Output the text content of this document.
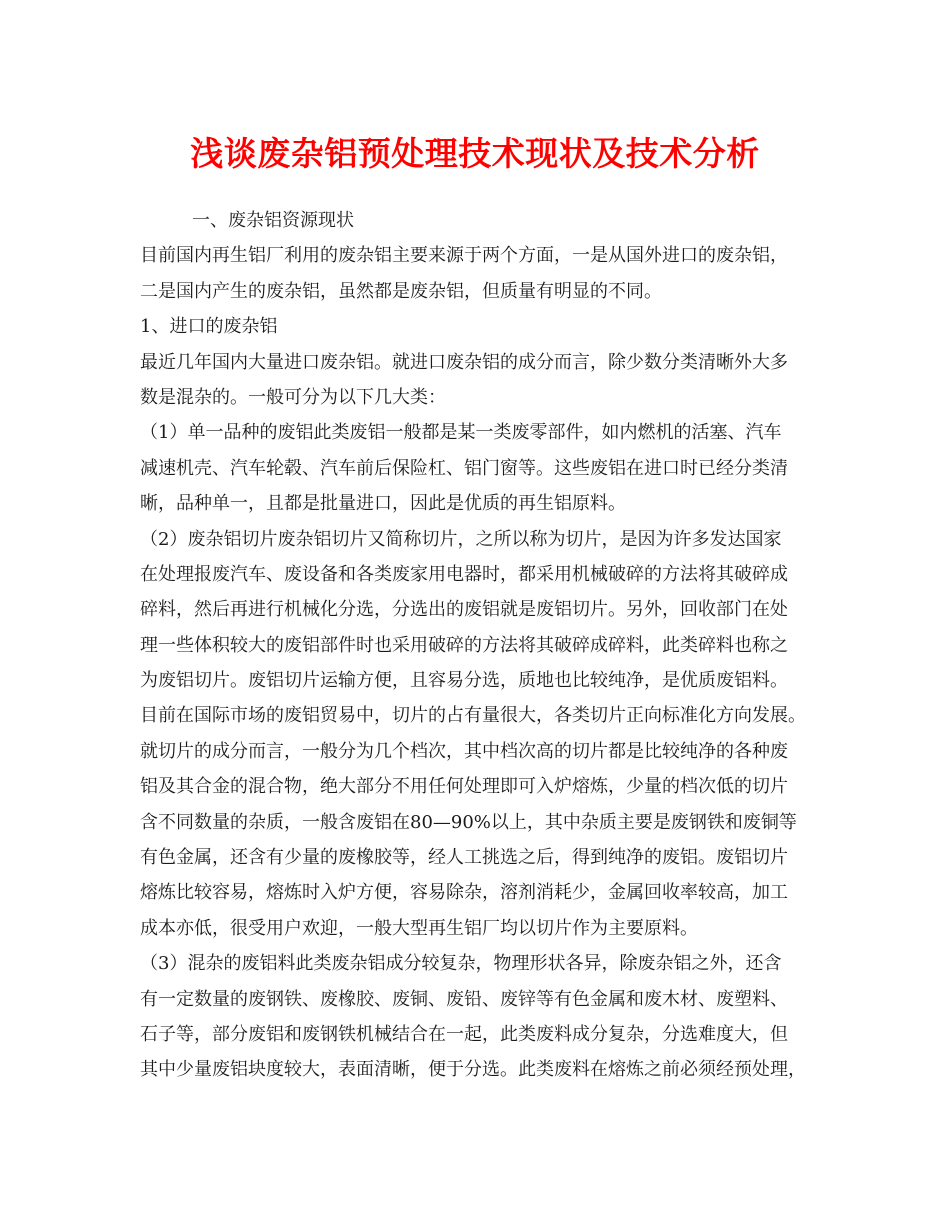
浅谈废杂铝预处理技术现状及技术分析
一、废杂铝资源现状
目前国内再生铝厂利用的废杂铝主要来源于两个方面，一是从国外进口的废杂铝，
二是国内产生的废杂铝，虽然都是废杂铝，但质量有明显的不同。
1、进口的废杂铝
最近几年国内大量进口废杂铝。就进口废杂铝的成分而言，除少数分类清晰外大多
数是混杂的。一般可分为以下几大类：
（1）单一品种的废铝此类废铝一般都是某一类废零部件，如内燃机的活塞、汽车
减速机壳、汽车轮毂、汽车前后保险杠、铝门窗等。这些废铝在进口时已经分类清
晰，品种单一，且都是批量进口，因此是优质的再生铝原料。
（2）废杂铝切片废杂铝切片又简称切片，之所以称为切片，是因为许多发达国家
在处理报废汽车、废设备和各类废家用电器时，都采用机械破碎的方法将其破碎成
碎料，然后再进行机械化分选，分选出的废铝就是废铝切片。另外，回收部门在处
理一些体积较大的废铝部件时也采用破碎的方法将其破碎成碎料，此类碎料也称之
为废铝切片。废铝切片运输方便，且容易分选，质地也比较纯净，是优质废铝料。
目前在国际市场的废铝贸易中，切片的占有量很大，各类切片正向标准化方向发展。
就切片的成分而言，一般分为几个档次，其中档次高的切片都是比较纯净的各种废
铝及其合金的混合物，绝大部分不用任何处理即可入炉熔炼，少量的档次低的切片
含不同数量的杂质，一般含废铝在80—90%以上，其中杂质主要是废钢铁和废铜等
有色金属，还含有少量的废橡胶等，经人工挑选之后，得到纯净的废铝。废铝切片
熔炼比较容易，熔炼时入炉方便，容易除杂，溶剂消耗少，金属回收率较高，加工
成本亦低，很受用户欢迎，一般大型再生铝厂均以切片作为主要原料。
（3）混杂的废铝料此类废杂铝成分较复杂，物理形状各异，除废杂铝之外，还含
有一定数量的废钢铁、废橡胶、废铜、废铅、废锌等有色金属和废木材、废塑料、
石子等，部分废铝和废钢铁机械结合在一起，此类废料成分复杂，分选难度大，但
其中少量废铝块度较大，表面清晰，便于分选。此类废料在熔炼之前必须经预处理，
